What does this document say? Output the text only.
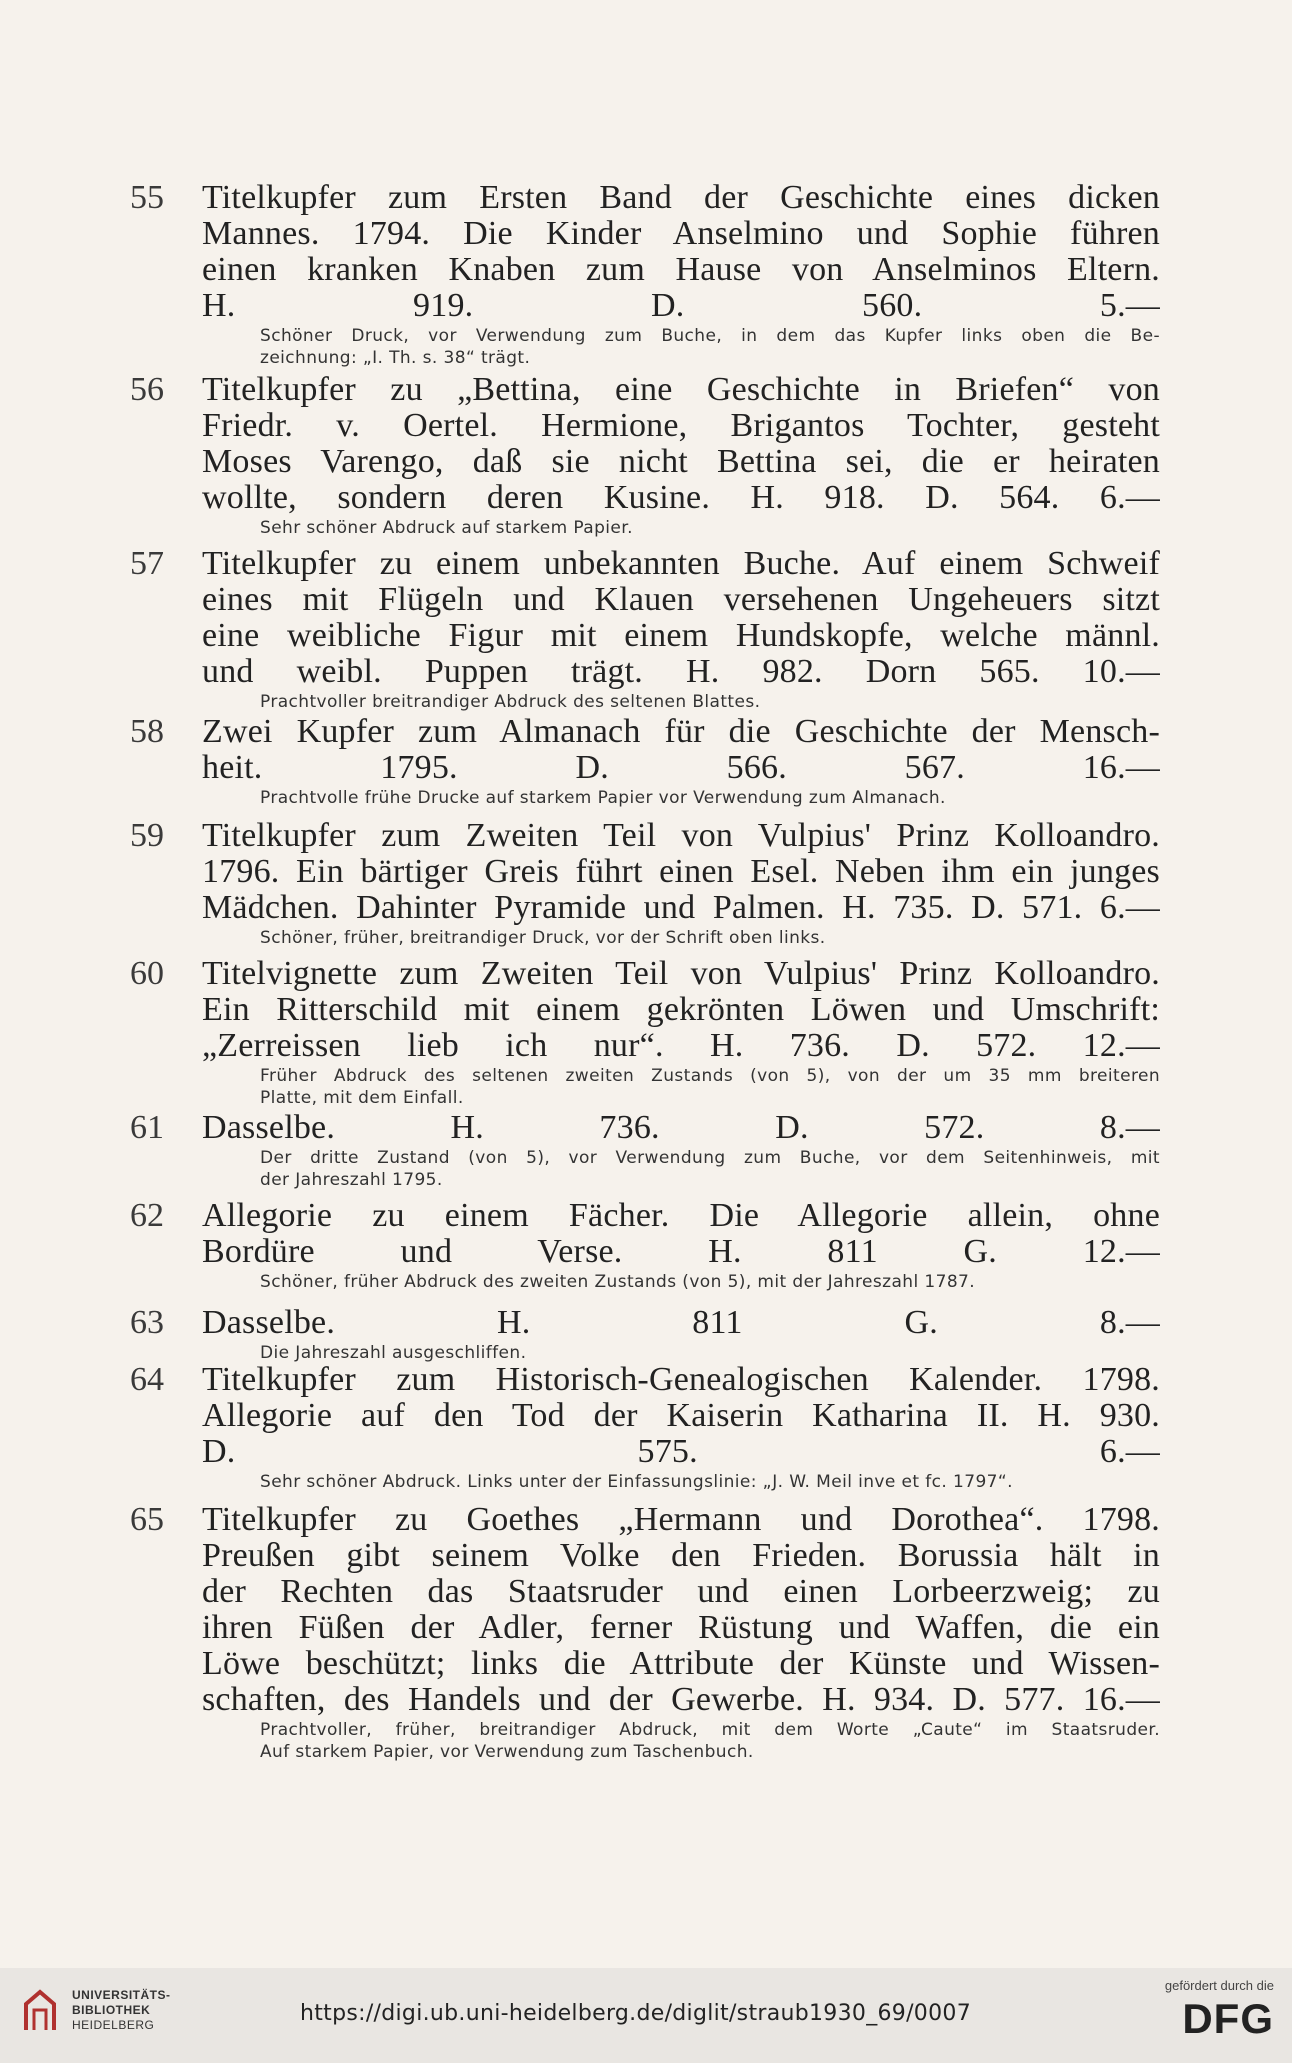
55	Titelkupfer zum Ersten Band der Geschichte eines dicken
Mannes. 1794. Die Kinder Anselmino und Sophie führen
einen kranken Knaben zum Hause von Anselminos Eltern.
H. 919. D. 560. 5.—
Schöner Druck, vor Verwendung zum Buche, in dem das Kupfer links oben die Be-
zeichnung: „I. Th. s. 38“ trägt.
56	Titelkupfer zu „Bettina, eine Geschichte in Briefen“ von
Friedr. v. Oertel. Hermione, Brigantos Tochter, gesteht
Moses Varengo, daß sie nicht Bettina sei, die er heiraten
wollte, sondern deren Kusine. H. 918. D. 564. 6.—
Sehr schöner Abdruck auf starkem Papier.
57	Titelkupfer zu einem unbekannten Buche. Auf einem Schweif
eines mit Flügeln und Klauen versehenen Ungeheuers sitzt
eine weibliche Figur mit einem Hundskopfe, welche männl.
und weibl. Puppen trägt. H. 982. Dorn 565. 10.—
Prachtvoller breitrandiger Abdruck des seltenen Blattes.
58	Zwei Kupfer zum Almanach für die Geschichte der Mensch-
heit. 1795. D. 566. 567. 16.—
Prachtvolle frühe Drucke auf starkem Papier vor Verwendung zum Almanach.
59	Titelkupfer zum Zweiten Teil von Vulpius' Prinz Kolloandro.
1796. Ein bärtiger Greis führt einen Esel. Neben ihm ein junges
Mädchen. Dahinter Pyramide und Palmen. H. 735. D. 571. 6.—
Schöner, früher, breitrandiger Druck, vor der Schrift oben links.
60	Titelvignette zum Zweiten Teil von Vulpius' Prinz Kolloandro.
Ein Ritterschild mit einem gekrönten Löwen und Umschrift:
„Zerreissen lieb ich nur“. H. 736. D. 572. 12.—
Früher Abdruck des seltenen zweiten Zustands (von 5), von der um 35 mm breiteren
Platte, mit dem Einfall.
61	Dasselbe. H. 736. D. 572. 8.—
Der dritte Zustand (von 5), vor Verwendung zum Buche, vor dem Seitenhinweis, mit
der Jahreszahl 1795.
62	Allegorie zu einem Fächer. Die Allegorie allein, ohne
Bordüre und Verse. H. 811 G. 12.—
Schöner, früher Abdruck des zweiten Zustands (von 5), mit der Jahreszahl 1787.
63	Dasselbe. H. 811 G. 8.—
Die Jahreszahl ausgeschliffen.
64	Titelkupfer zum Historisch-Genealogischen Kalender. 1798.
Allegorie auf den Tod der Kaiserin Katharina II. H. 930.
D. 575. 6.—
Sehr schöner Abdruck. Links unter der Einfassungslinie: „J. W. Meil inve et fc. 1797“.
65	Titelkupfer zu Goethes „Hermann und Dorothea“. 1798.
Preußen gibt seinem Volke den Frieden. Borussia hält in
der Rechten das Staatsruder und einen Lorbeerzweig; zu
ihren Füßen der Adler, ferner Rüstung und Waffen, die ein
Löwe beschützt; links die Attribute der Künste und Wissen-
schaften, des Handels und der Gewerbe. H. 934. D. 577. 16.—
Prachtvoller, früher, breitrandiger Abdruck, mit dem Worte „Caute“ im Staatsruder.
Auf starkem Papier, vor Verwendung zum Taschenbuch.
UNIVERSITÄTS-
BIBLIOTHEK
HEIDELBERG	https://digi.ub.uni-heidelberg.de/diglit/straub1930_69/0007
gefördert durch die
DFG
